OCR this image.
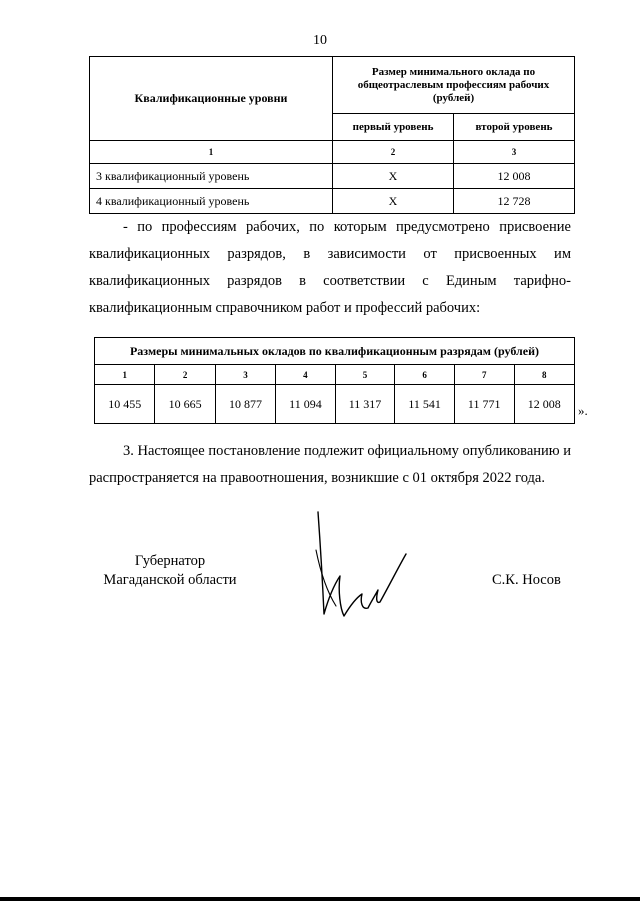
10
Квалификационные уровни	Размер минимального оклада по общеотраслевым профессиям рабочих (рублей)	
	первый уровень	второй уровень
1	2	3
3 квалификационный уровень	Х	12 008
4 квалификационный уровень	Х	12 728
- по профессиям рабочих, по которым предусмотрено присвоение квалификационных разрядов, в зависимости от присвоенных им квалификационных разрядов в соответствии с Единым тарифно-квалификационным справочником работ и профессий рабочих:
Размеры минимальных окладов по квалификационным разрядам (рублей)							
1	2	3	4	5	6	7	8
10 455	10 665	10 877	11 094	11 317	11 541	11 771	12 008 ».
3. Настоящее постановление подлежит официальному опубликованию и распространяется на правоотношения, возникшие с 01 октября 2022 года.
Губернатор
Магаданской области	С.К. Носов
